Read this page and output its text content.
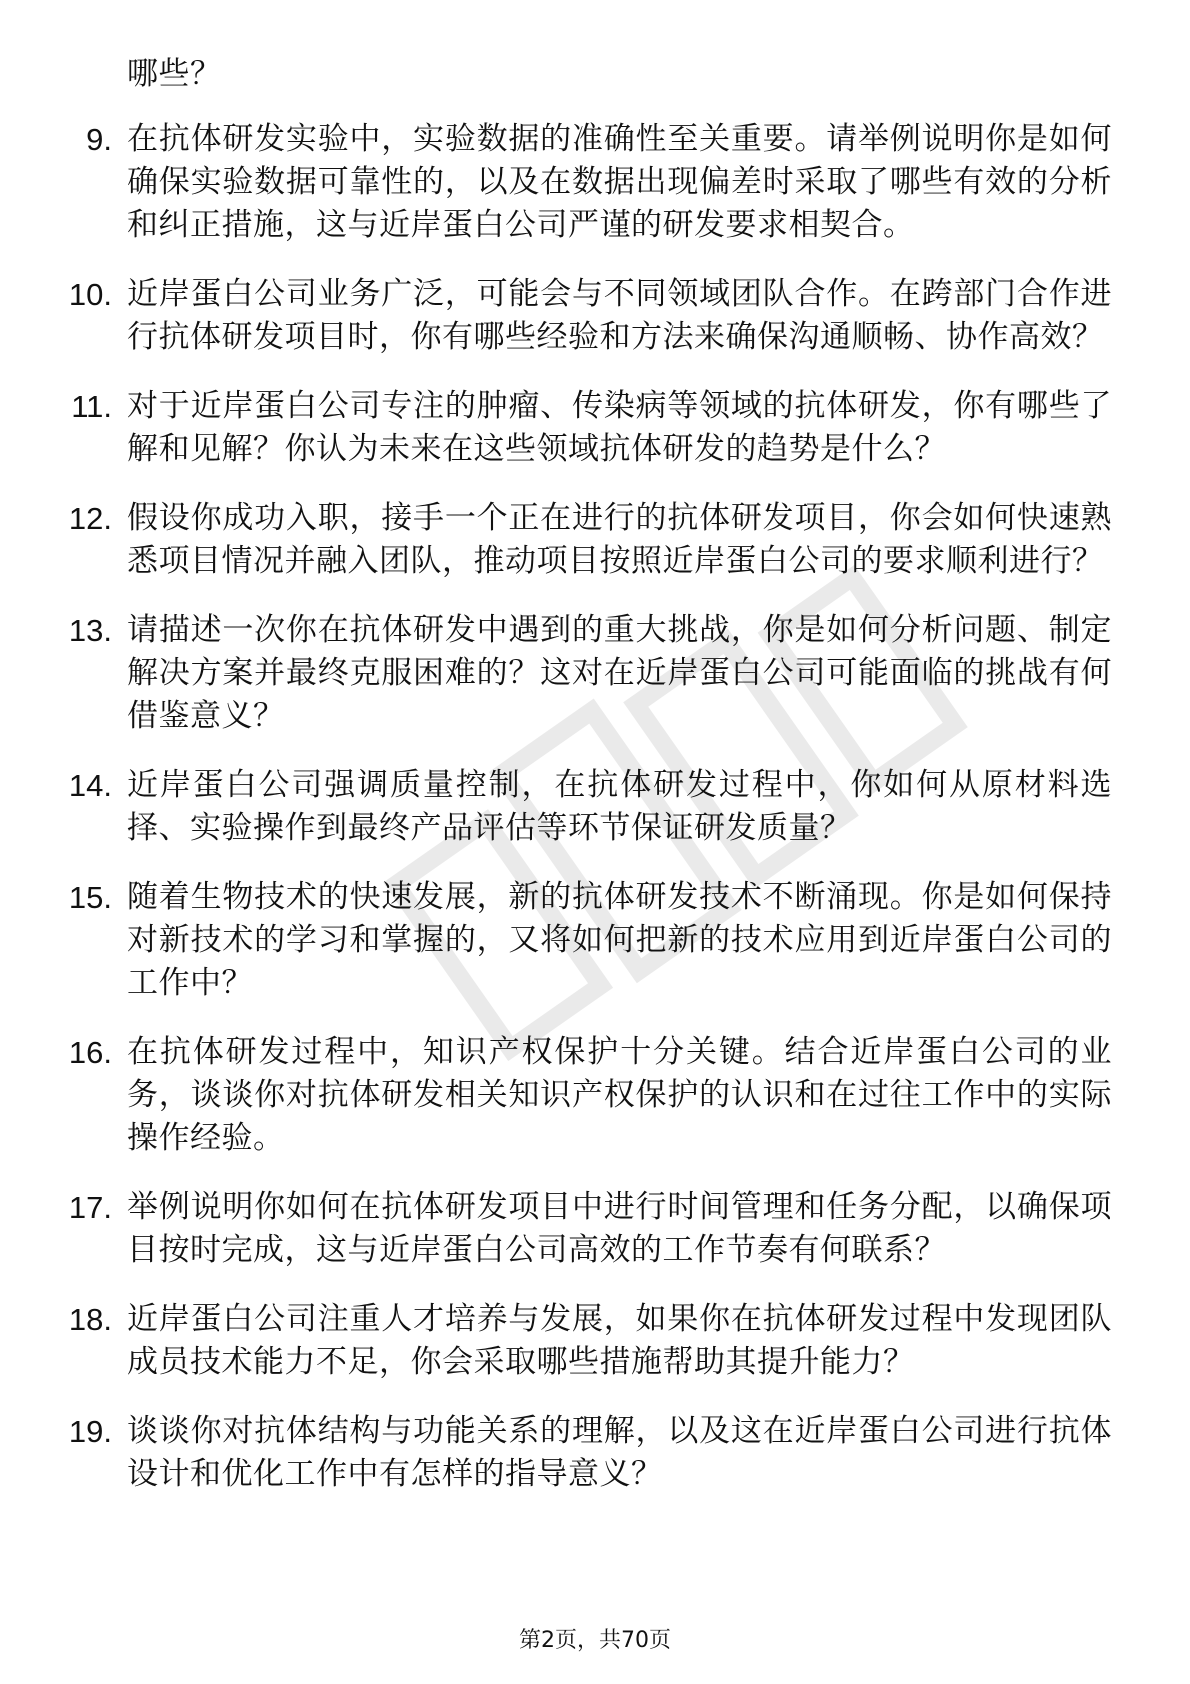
哪些？
9. 在抗体研发实验中，实验数据的准确性至关重要。请举例说明你是如何确保实验数据可靠性的，以及在数据出现偏差时采取了哪些有效的分析和纠正措施，这与近岸蛋白公司严谨的研发要求相契合。
10. 近岸蛋白公司业务广泛，可能会与不同领域团队合作。在跨部门合作进行抗体研发项目时，你有哪些经验和方法来确保沟通顺畅、协作高效？
11. 对于近岸蛋白公司专注的肿瘤、传染病等领域的抗体研发，你有哪些了解和见解？你认为未来在这些领域抗体研发的趋势是什么？
12. 假设你成功入职，接手一个正在进行的抗体研发项目，你会如何快速熟悉项目情况并融入团队，推动项目按照近岸蛋白公司的要求顺利进行？
13. 请描述一次你在抗体研发中遇到的重大挑战，你是如何分析问题、制定解决方案并最终克服困难的？这对在近岸蛋白公司可能面临的挑战有何借鉴意义？
14. 近岸蛋白公司强调质量控制，在抗体研发过程中，你如何从原材料选择、实验操作到最终产品评估等环节保证研发质量？
15. 随着生物技术的快速发展，新的抗体研发技术不断涌现。你是如何保持对新技术的学习和掌握的，又将如何把新的技术应用到近岸蛋白公司的工作中？
16. 在抗体研发过程中，知识产权保护十分关键。结合近岸蛋白公司的业务，谈谈你对抗体研发相关知识产权保护的认识和在过往工作中的实际操作经验。
17. 举例说明你如何在抗体研发项目中进行时间管理和任务分配，以确保项目按时完成，这与近岸蛋白公司高效的工作节奏有何联系？
18. 近岸蛋白公司注重人才培养与发展，如果你在抗体研发过程中发现团队成员技术能力不足，你会采取哪些措施帮助其提升能力？
19. 谈谈你对抗体结构与功能关系的理解，以及这在近岸蛋白公司进行抗体设计和优化工作中有怎样的指导意义？
第2页，共70页
